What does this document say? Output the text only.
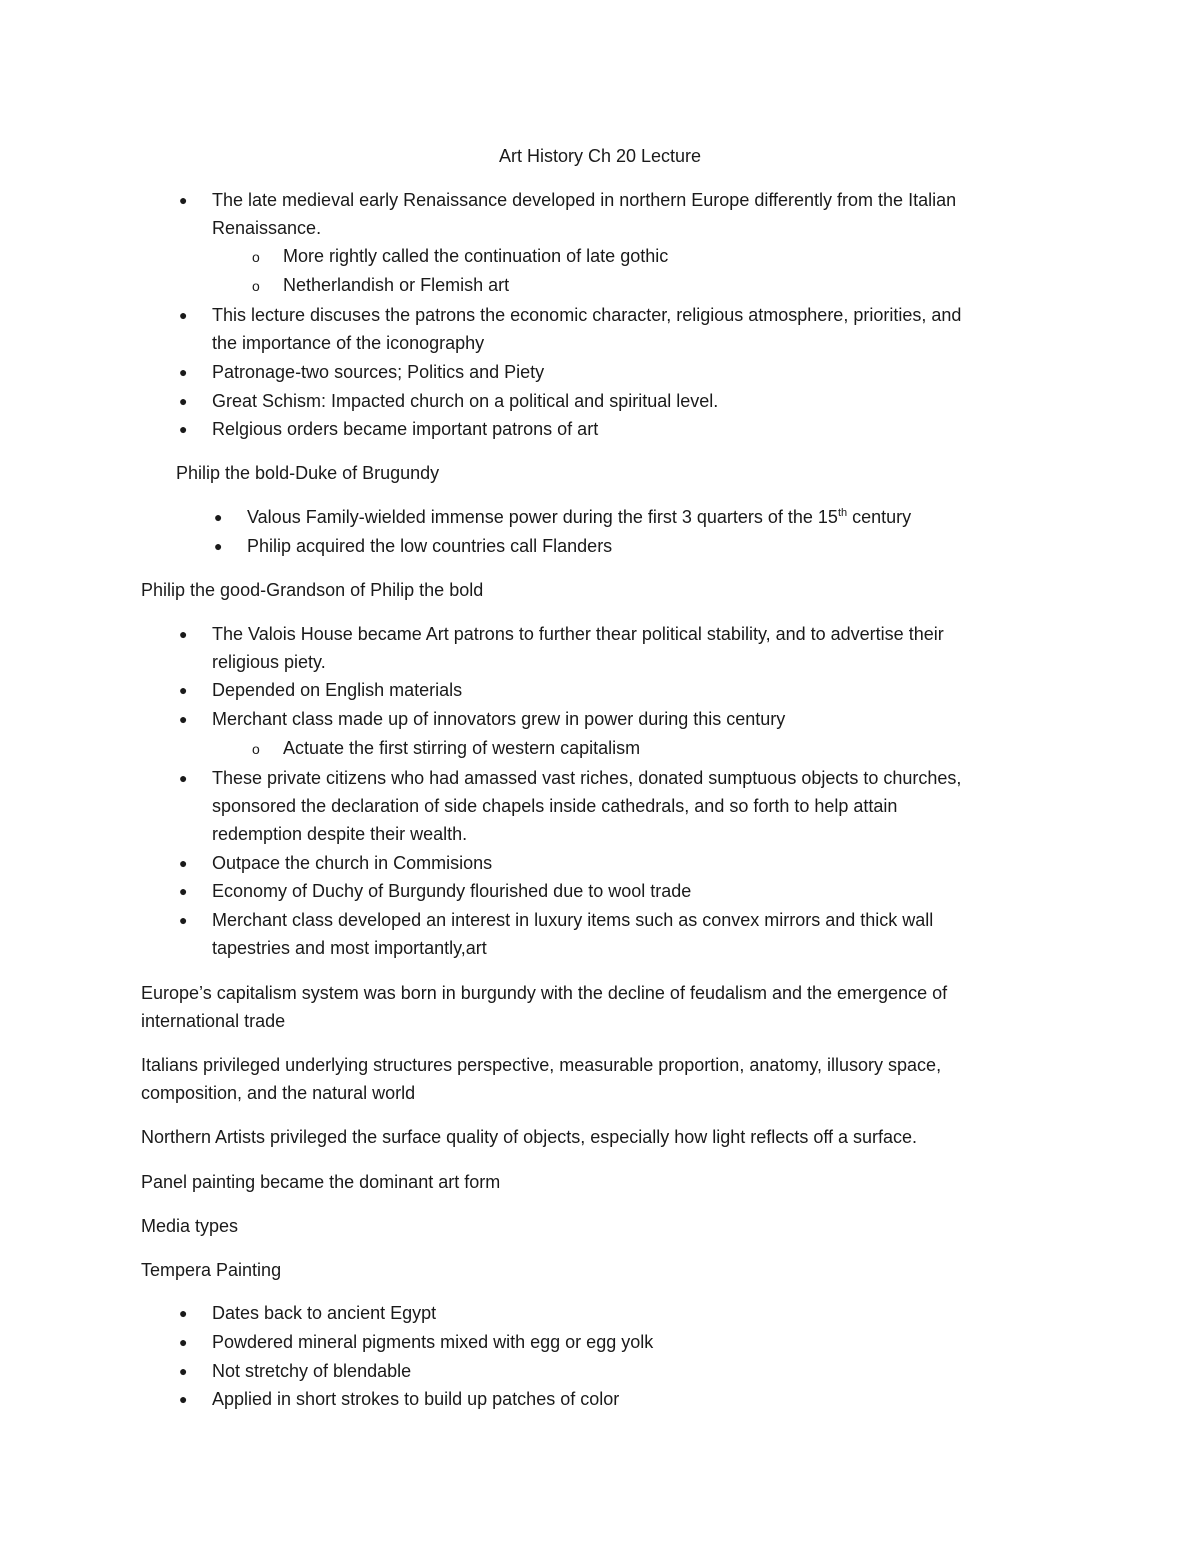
Art History Ch 20 Lecture
● The late medieval early Renaissance developed in northern Europe differently from the Italian
Renaissance.
o More rightly called the continuation of late gothic
o Netherlandish or Flemish art
● This lecture discuses the patrons the economic character, religious atmosphere, priorities, and
the importance of the iconography
● Patronage-two sources; Politics and Piety
● Great Schism: Impacted church on a political and spiritual level.
● Relgious orders became important patrons of art
Philip the bold-Duke of Brugundy
● Valous Family-wielded immense power during the first 3 quarters of the 15th century
● Philip acquired the low countries call Flanders
Philip the good-Grandson of Philip the bold
● The Valois House became Art patrons to further thear political stability, and to advertise their
religious piety.
● Depended on English materials
● Merchant class made up of innovators grew in power during this century
o Actuate the first stirring of western capitalism
● These private citizens who had amassed vast riches, donated sumptuous objects to churches,
sponsored the declaration of side chapels inside cathedrals, and so forth to help attain
redemption despite their wealth.
● Outpace the church in Commisions
● Economy of Duchy of Burgundy flourished due to wool trade
● Merchant class developed an interest in luxury items such as convex mirrors and thick wall
tapestries and most importantly,art
Europe’s capitalism system was born in burgundy with the decline of feudalism and the emergence of
international trade
Italians privileged underlying structures perspective, measurable proportion, anatomy, illusory space,
composition, and the natural world
Northern Artists privileged the surface quality of objects, especially how light reflects off a surface.
Panel painting became the dominant art form
Media types
Tempera Painting
● Dates back to ancient Egypt
● Powdered mineral pigments mixed with egg or egg yolk
● Not stretchy of blendable
● Applied in short strokes to build up patches of color
